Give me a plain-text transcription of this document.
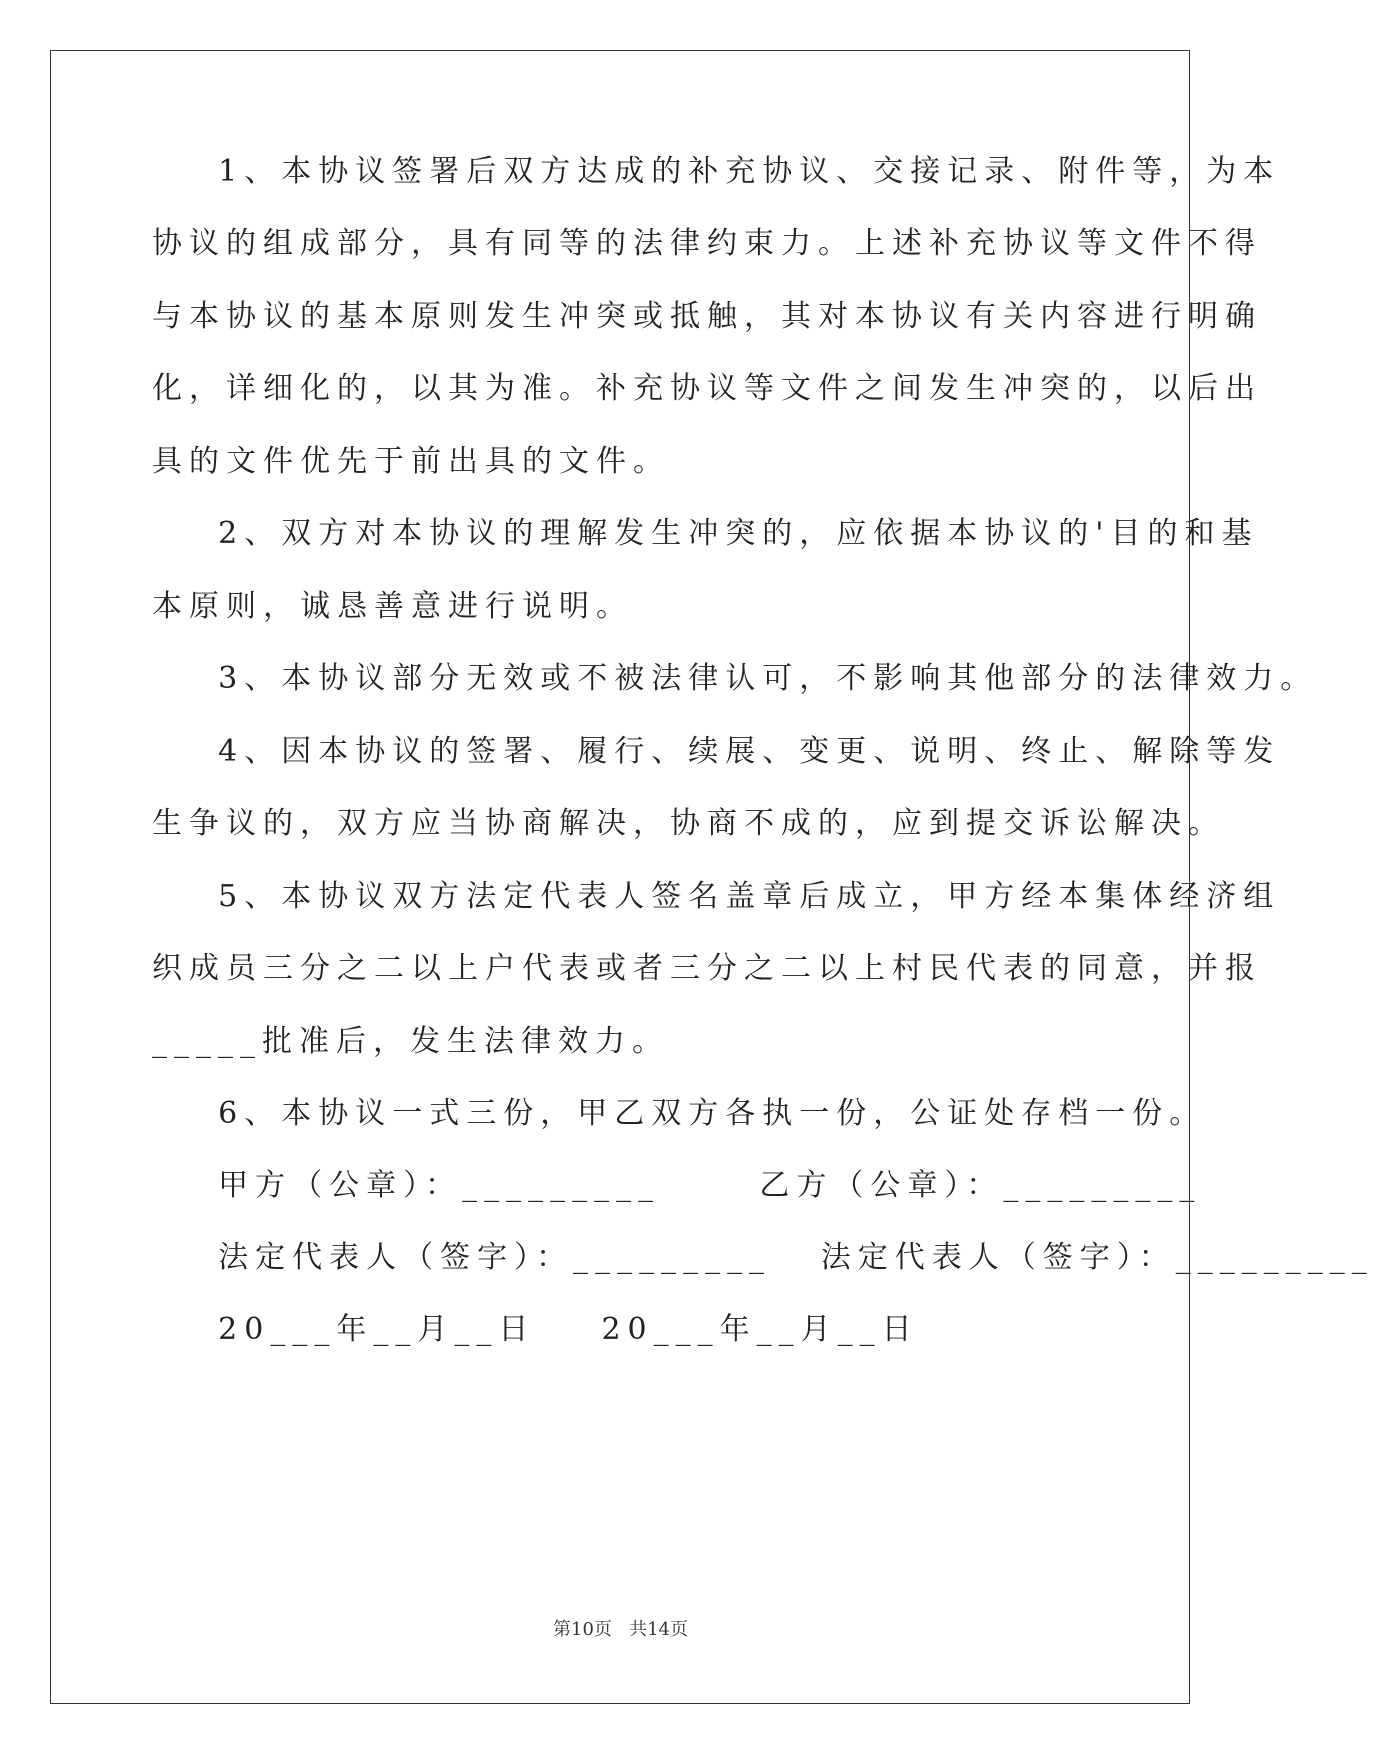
1、本协议签署后双方达成的补充协议、交接记录、附件等，为本
协议的组成部分，具有同等的法律约束力。上述补充协议等文件不得
与本协议的基本原则发生冲突或抵触，其对本协议有关内容进行明确
化，详细化的，以其为准。补充协议等文件之间发生冲突的，以后出
具的文件优先于前出具的文件。
2、双方对本协议的理解发生冲突的，应依据本协议的'目的和基
本原则，诚恳善意进行说明。
3、本协议部分无效或不被法律认可，不影响其他部分的法律效力。
4、因本协议的签署、履行、续展、变更、说明、终止、解除等发
生争议的，双方应当协商解决，协商不成的，应到提交诉讼解决。
5、本协议双方法定代表人签名盖章后成立，甲方经本集体经济组
织成员三分之二以上户代表或者三分之二以上村民代表的同意，并报
_____批准后，发生法律效力。
6、本协议一式三份，甲乙双方各执一份，公证处存档一份。
甲方（公章）：_________      乙方（公章）：_________
法定代表人（签字）：_________   法定代表人（签字）：_________
20___年__月__日    20___年__月__日
第10页   共14页
